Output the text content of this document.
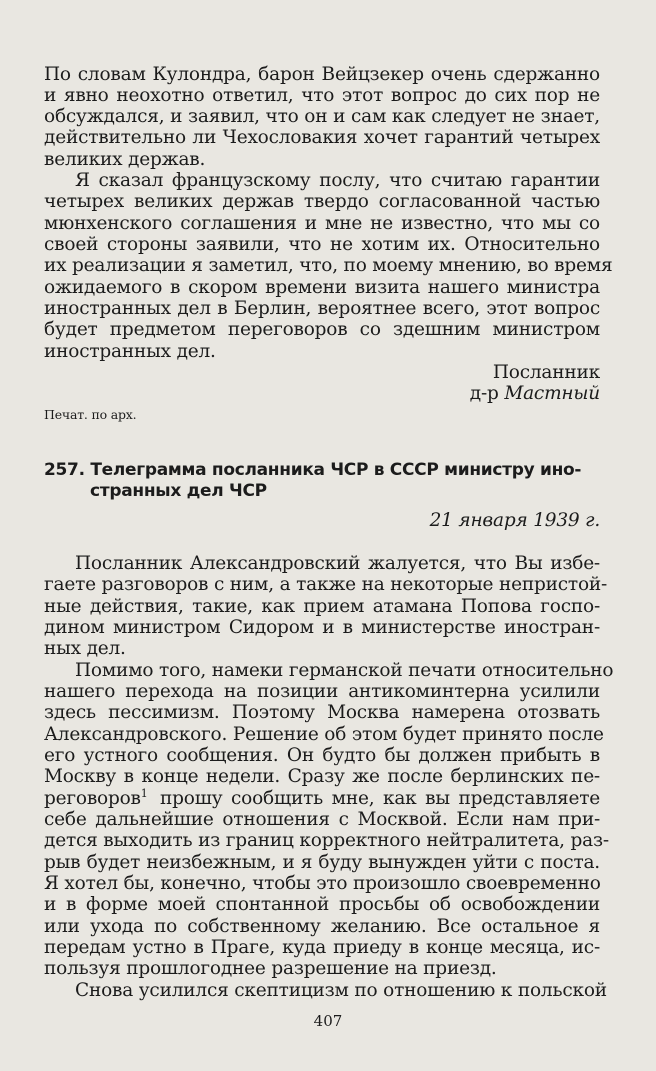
По словам Кулондра, барон Вейцзекер очень сдержанно
и явно неохотно ответил, что этот вопрос до сих пор не
обсуждался, и заявил, что он и сам как следует не знает,
действительно ли Чехословакия хочет гарантий четырех
великих держав.
Я сказал французскому послу, что считаю гарантии
четырех великих держав твердо согласованной частью
мюнхенского соглашения и мне не известно, что мы со
своей стороны заявили, что не хотим их. Относительно
их реализации я заметил, что, по моему мнению, во время
ожидаемого в скором времени визита нашего министра
иностранных дел в Берлин, вероятнее всего, этот вопрос
будет предметом переговоров со здешним министром
иностранных дел.
Посланник
д-р Мастный
Печат. по арх.
257. Телеграмма посланника ЧСР в СССР министру ино-
странных дел ЧСР
21 января 1939 г.
Посланник Александровский жалуется, что Вы избе-
гаете разговоров с ним, а также на некоторые непристой-
ные действия, такие, как прием атамана Попова госпо-
дином министром Сидором и в министерстве иностран-
ных дел.
Помимо того, намеки германской печати относительно
нашего перехода на позиции антикоминтерна усилили
здесь пессимизм. Поэтому Москва намерена отозвать
Александровского. Решение об этом будет принято после
его устного сообщения. Он будто бы должен прибыть в
Москву в конце недели. Сразу же после берлинских пе-
реговоров$^1$ прошу сообщить мне, как вы представляете
себе дальнейшие отношения с Москвой. Если нам при-
дется выходить из границ корректного нейтралитета, раз-
рыв будет неизбежным, и я буду вынужден уйти с поста.
Я хотел бы, конечно, чтобы это произошло своевременно
и в форме моей спонтанной просьбы об освобождении
или ухода по собственному желанию. Все остальное я
передам устно в Праге, куда приеду в конце месяца, ис-
пользуя прошлогоднее разрешение на приезд.
Снова усилился скептицизм по отношению к польской
407
